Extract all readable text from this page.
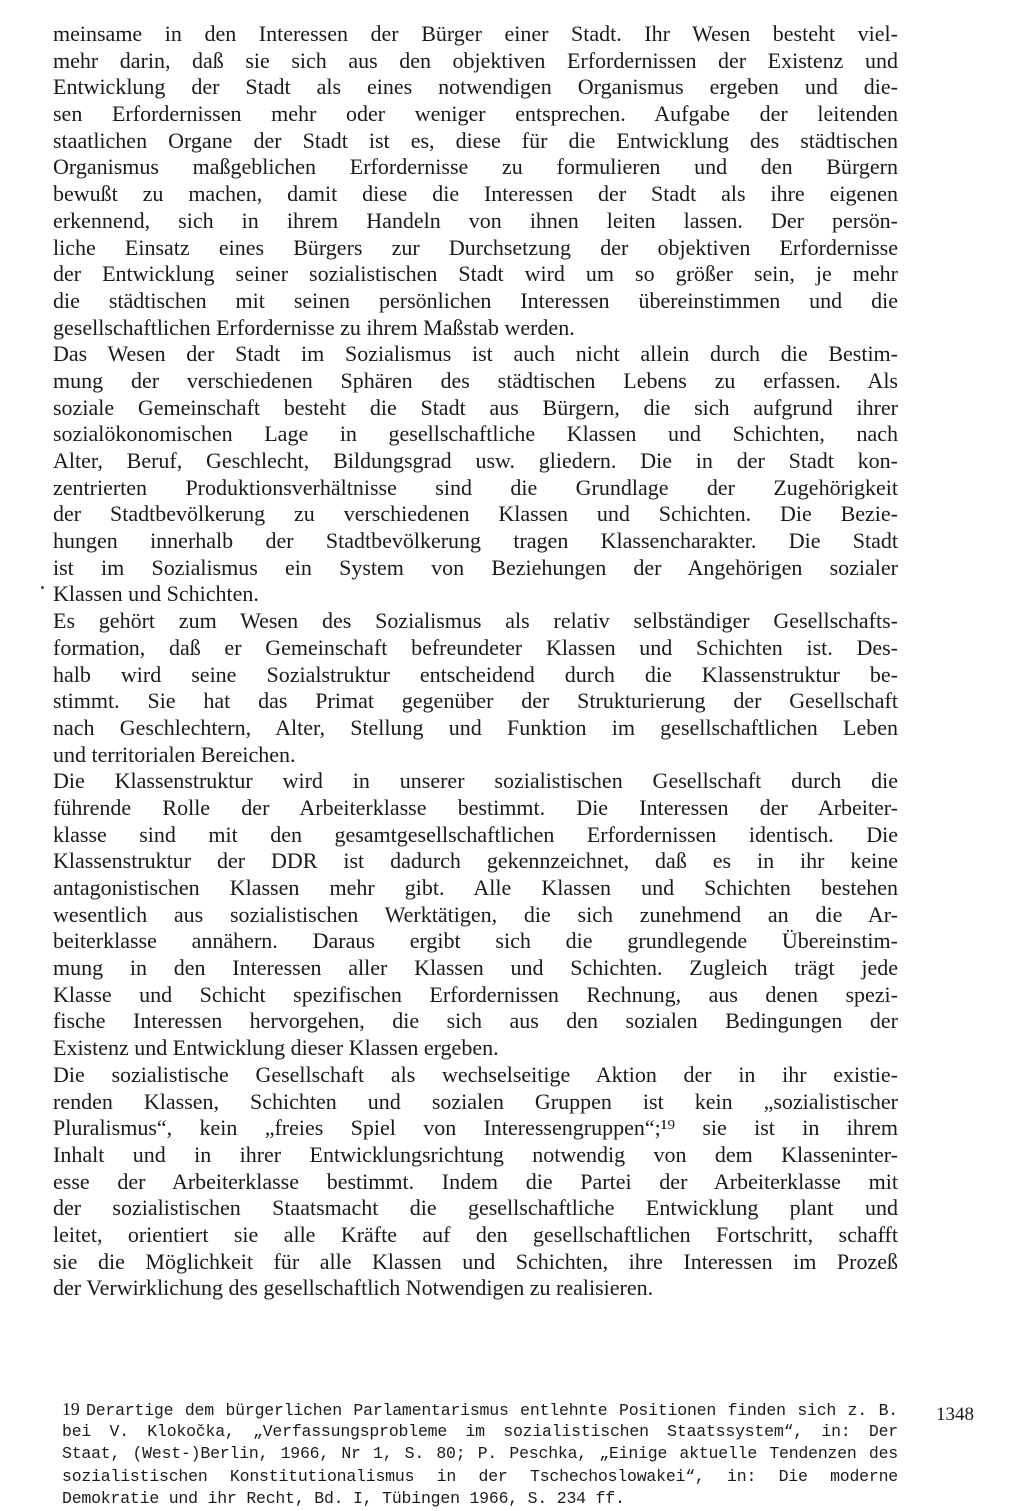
meinsame in den Interessen der Bürger einer Stadt. Ihr Wesen besteht viel-
mehr darin, daß sie sich aus den objektiven Erfordernissen der Existenz und
Entwicklung der Stadt als eines notwendigen Organismus ergeben und die-
sen Erfordernissen mehr oder weniger entsprechen. Aufgabe der leitenden
staatlichen Organe der Stadt ist es, diese für die Entwicklung des städtischen
Organismus maßgeblichen Erfordernisse zu formulieren und den Bürgern
bewußt zu machen, damit diese die Interessen der Stadt als ihre eigenen
erkennend, sich in ihrem Handeln von ihnen leiten lassen. Der persön-
liche Einsatz eines Bürgers zur Durchsetzung der objektiven Erfordernisse
der Entwicklung seiner sozialistischen Stadt wird um so größer sein, je mehr
die städtischen mit seinen persönlichen Interessen übereinstimmen und die
gesellschaftlichen Erfordernisse zu ihrem Maßstab werden.
Das Wesen der Stadt im Sozialismus ist auch nicht allein durch die Bestim-
mung der verschiedenen Sphären des städtischen Lebens zu erfassen. Als
soziale Gemeinschaft besteht die Stadt aus Bürgern, die sich aufgrund ihrer
sozialökonomischen Lage in gesellschaftliche Klassen und Schichten, nach
Alter, Beruf, Geschlecht, Bildungsgrad usw. gliedern. Die in der Stadt kon-
zentrierten Produktionsverhältnisse sind die Grundlage der Zugehörigkeit
der Stadtbevölkerung zu verschiedenen Klassen und Schichten. Die Bezie-
hungen innerhalb der Stadtbevölkerung tragen Klassencharakter. Die Stadt
ist im Sozialismus ein System von Beziehungen der Angehörigen sozialer
Klassen und Schichten.
Es gehört zum Wesen des Sozialismus als relativ selbständiger Gesellschafts-
formation, daß er Gemeinschaft befreundeter Klassen und Schichten ist. Des-
halb wird seine Sozialstruktur entscheidend durch die Klassenstruktur be-
stimmt. Sie hat das Primat gegenüber der Strukturierung der Gesellschaft
nach Geschlechtern, Alter, Stellung und Funktion im gesellschaftlichen Leben
und territorialen Bereichen.
Die Klassenstruktur wird in unserer sozialistischen Gesellschaft durch die
führende Rolle der Arbeiterklasse bestimmt. Die Interessen der Arbeiter-
klasse sind mit den gesamtgesellschaftlichen Erfordernissen identisch. Die
Klassenstruktur der DDR ist dadurch gekennzeichnet, daß es in ihr keine
antagonistischen Klassen mehr gibt. Alle Klassen und Schichten bestehen
wesentlich aus sozialistischen Werktätigen, die sich zunehmend an die Ar-
beiterklasse annähern. Daraus ergibt sich die grundlegende Übereinstim-
mung in den Interessen aller Klassen und Schichten. Zugleich trägt jede
Klasse und Schicht spezifischen Erfordernissen Rechnung, aus denen spezi-
fische Interessen hervorgehen, die sich aus den sozialen Bedingungen der
Existenz und Entwicklung dieser Klassen ergeben.
Die sozialistische Gesellschaft als wechselseitige Aktion der in ihr existie-
renden Klassen, Schichten und sozialen Gruppen ist kein „sozialistischer
Pluralismus“, kein „freies Spiel von Interessengruppen“;¹⁹ sie ist in ihrem
Inhalt und in ihrer Entwicklungsrichtung notwendig von dem Klasseninter-
esse der Arbeiterklasse bestimmt. Indem die Partei der Arbeiterklasse mit
der sozialistischen Staatsmacht die gesellschaftliche Entwicklung plant und
leitet, orientiert sie alle Kräfte auf den gesellschaftlichen Fortschritt, schafft
sie die Möglichkeit für alle Klassen und Schichten, ihre Interessen im Prozeß
der Verwirklichung des gesellschaftlich Notwendigen zu realisieren.
19 Derartige dem bürgerlichen Parlamentarismus entlehnte Positionen finden sich z. B.
bei V. Klokočka, „Verfassungsprobleme im sozialistischen Staatssystem“, in: Der
Staat, (West-)Berlin, 1966, Nr 1, S. 80; P. Peschka, „Einige aktuelle Tendenzen des
sozialistischen Konstitutionalismus in der Tschechoslowakei“, in: Die moderne
Demokratie und ihr Recht, Bd. I, Tübingen 1966, S. 234 ff.
1348
